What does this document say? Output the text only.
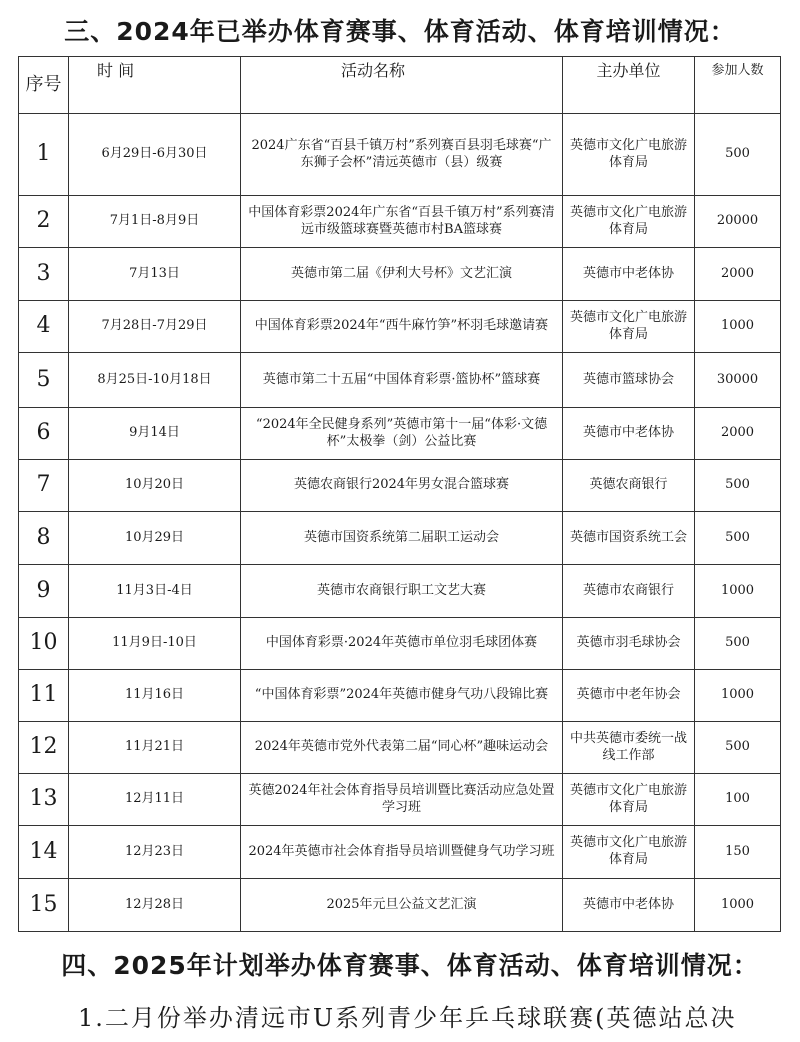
三、2024年已举办体育赛事、体育活动、体育培训情况：
序号	时 间	活动名称	主办单位	参加人数
1	6月29日-6月30日	2024广东省“百县千镇万村”系列赛百县羽毛球赛“广东狮子会杯”清远英德市（县）级赛	英德市文化广电旅游体育局	500
2	7月1日-8月9日	中国体育彩票2024年广东省“百县千镇万村”系列赛清远市级篮球赛暨英德市村BA篮球赛	英德市文化广电旅游体育局	20000
3	7月13日	英德市第二届《伊利大号杯》文艺汇演	英德市中老体协	2000
4	7月28日-7月29日	中国体育彩票2024年“西牛麻竹笋”杯羽毛球邀请赛	英德市文化广电旅游体育局	1000
5	8月25日-10月18日	英德市第二十五届“中国体育彩票·篮协杯”篮球赛	英德市篮球协会	30000
6	9月14日	“2024年全民健身系列”英德市第十一届“体彩·文德杯”太极拳（剑）公益比赛	英德市中老体协	2000
7	10月20日	英德农商银行2024年男女混合篮球赛	英德农商银行	500
8	10月29日	英德市国资系统第二届职工运动会	英德市国资系统工会	500
9	11月3日-4日	英德市农商银行职工文艺大赛	英德市农商银行	1000
10	11月9日-10日	中国体育彩票·2024年英德市单位羽毛球团体赛	英德市羽毛球协会	500
11	11月16日	“中国体育彩票”2024年英德市健身气功八段锦比赛	英德市中老年协会	1000
12	11月21日	2024年英德市党外代表第二届“同心杯”趣味运动会	中共英德市委统一战线工作部	500
13	12月11日	英德2024年社会体育指导员培训暨比赛活动应急处置学习班	英德市文化广电旅游体育局	100
14	12月23日	2024年英德市社会体育指导员培训暨健身气功学习班	英德市文化广电旅游体育局	150
15	12月28日	2025年元旦公益文艺汇演	英德市中老体协	1000
四、2025年计划举办体育赛事、体育活动、体育培训情况：

1.二月份举办清远市U系列青少年乒乓球联赛(英德站总决
